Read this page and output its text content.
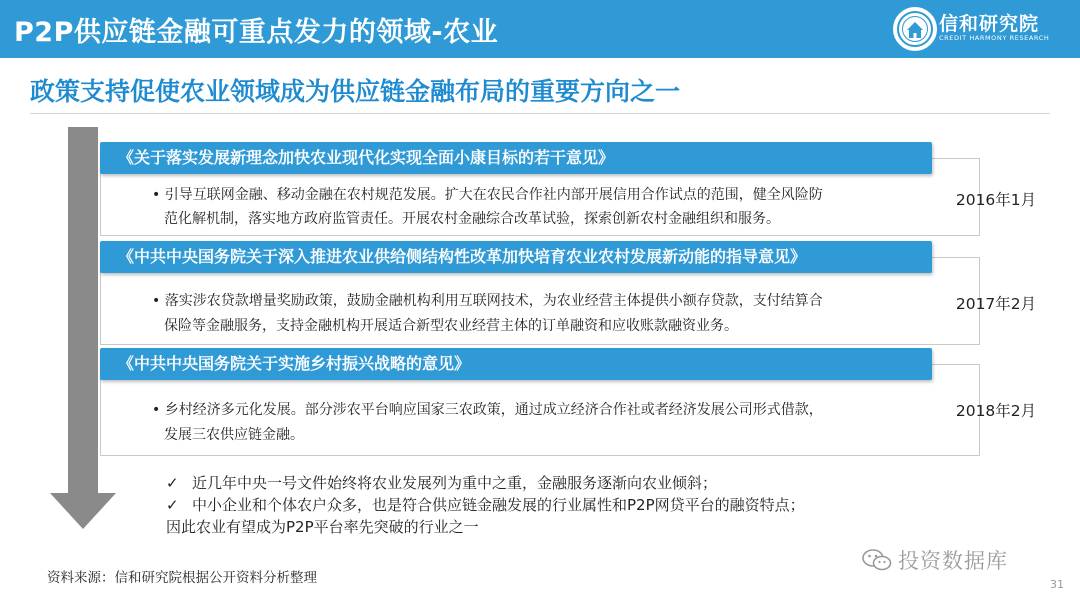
P2P供应链金融可重点发力的领域-农业	信和研究院
CREDIT HARMONY RESEARCH
政策支持促使农业领域成为供应链金融布局的重要方向之一
《关于落实发展新理念加快农业现代化实现全面小康目标的若干意见》
• 引导互联网金融、移动金融在农村规范发展。扩大在农民合作社内部开展信用合作试点的范围，健全风险防
范化解机制，落实地方政府监管责任。开展农村金融综合改革试验，探索创新农村金融组织和服务。
2016年1月
《中共中央国务院关于深入推进农业供给侧结构性改革加快培育农业农村发展新动能的指导意见》
• 落实涉农贷款增量奖励政策，鼓励金融机构利用互联网技术，为农业经营主体提供小额存贷款，支付结算合
保险等金融服务，支持金融机构开展适合新型农业经营主体的订单融资和应收账款融资业务。
2017年2月
《中共中央国务院关于实施乡村振兴战略的意见》
• 乡村经济多元化发展。部分涉农平台响应国家三农政策，通过成立经济合作社或者经济发展公司形式借款，
发展三农供应链金融。
2018年2月
✓ 近几年中央一号文件始终将农业发展列为重中之重，金融服务逐渐向农业倾斜；
✓ 中小企业和个体农户众多，也是符合供应链金融发展的行业属性和P2P网贷平台的融资特点；
因此农业有望成为P2P平台率先突破的行业之一
资料来源：信和研究院根据公开资料分析整理
投资数据库
31
